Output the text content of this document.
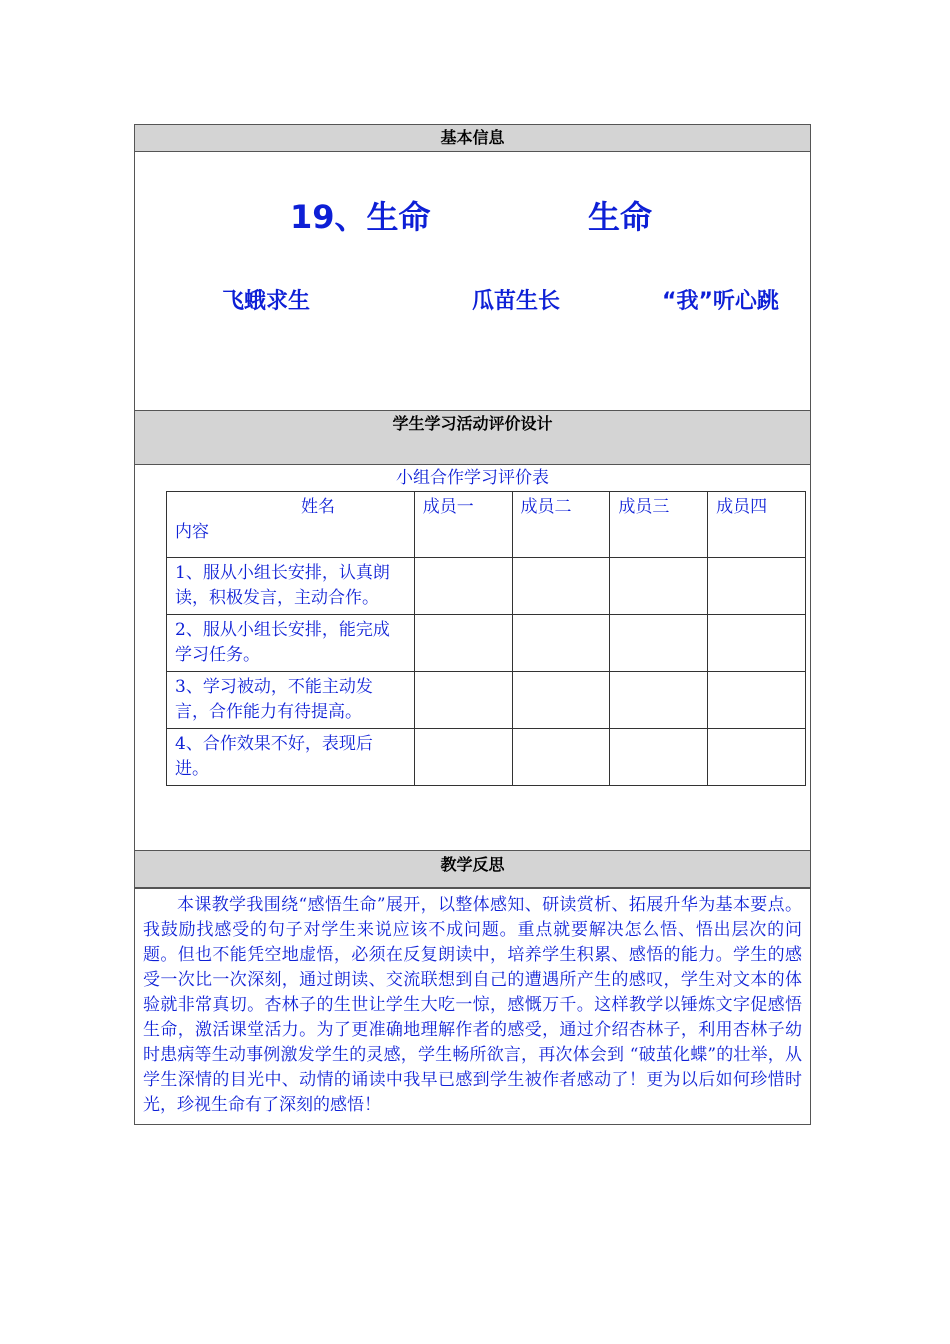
基本信息
19、生命	生命
飞蛾求生	瓜苗生长	“我”听心跳
学生学习活动评价设计
小组合作学习评价表
姓名
内容	成员一	成员二	成员三	成员四
1、服从小组长安排，认真朗读，积极发言，主动合作。				
2、服从小组长安排，能完成学习任务。				
3、学习被动，不能主动发言，合作能力有待提高。				
4、合作效果不好，表现后进。				
教学反思

本课教学我围绕“感悟生命”展开，以整体感知、研读赏析、拓展升华为基本要点。我鼓励找感受的句子对学生来说应该不成问题。重点就要解决怎么悟、悟出层次的问题。但也不能凭空地虚悟，必须在反复朗读中，培养学生积累、感悟的能力。学生的感受一次比一次深刻，通过朗读、交流联想到自己的遭遇所产生的感叹，学生对文本的体验就非常真切。杏林子的生世让学生大吃一惊，感慨万千。这样教学以锤炼文字促感悟生命，激活课堂活力。为了更准确地理解作者的感受，通过介绍杏林子，利用杏林子幼时患病等生动事例激发学生的灵感，学生畅所欲言，再次体会到 “破茧化蝶”的壮举，从学生深情的目光中、动情的诵读中我早已感到学生被作者感动了！更为以后如何珍惜时光，珍视生命有了深刻的感悟！
